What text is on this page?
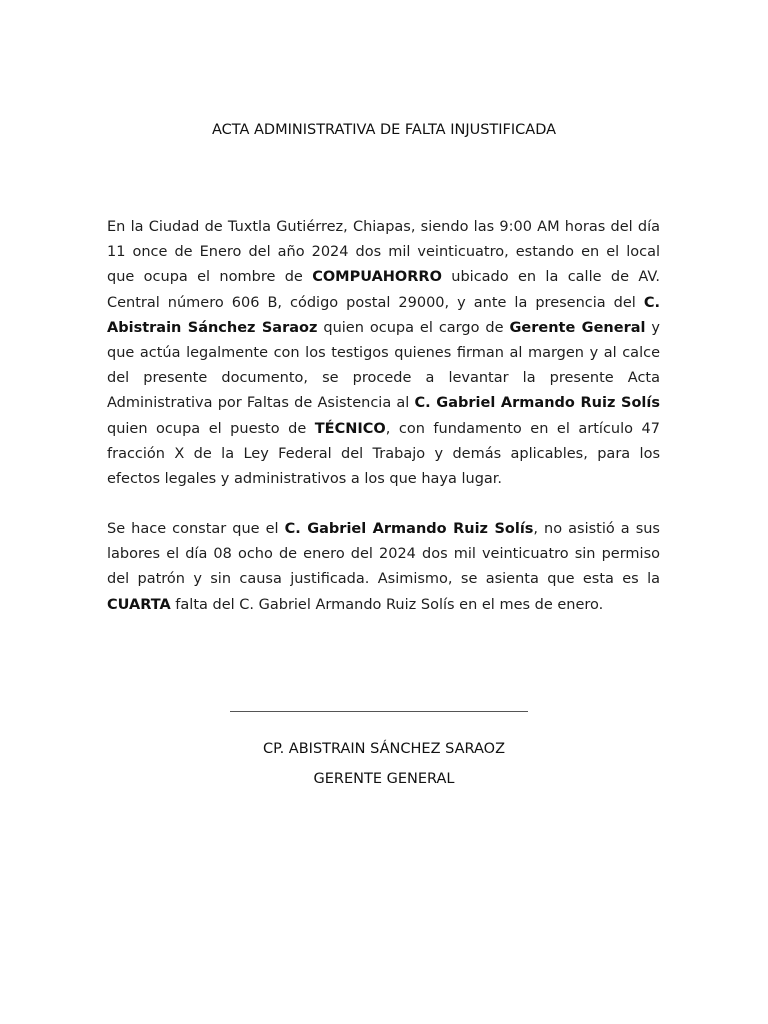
ACTA ADMINISTRATIVA DE FALTA INJUSTIFICADA

En la Ciudad de Tuxtla Gutiérrez, Chiapas, siendo las 9:00 AM horas del día 11 once de Enero del año 2024 dos mil veinticuatro, estando en el local que ocupa el nombre de COMPUAHORRO ubicado en la calle de AV. Central número 606 B, código postal 29000, y ante la presencia del C. Abistrain Sánchez Saraoz quien ocupa el cargo de Gerente General y que actúa legalmente con los testigos quienes firman al margen y al calce del presente documento, se procede a levantar la presente Acta Administrativa por Faltas de Asistencia al C. Gabriel Armando Ruiz Solís quien ocupa el puesto de TÉCNICO, con fundamento en el artículo 47 fracción X de la Ley Federal del Trabajo y demás aplicables, para los efectos legales y administrativos a los que haya lugar.

Se hace constar que el C. Gabriel Armando Ruiz Solís, no asistió a sus labores el día 08 ocho de enero del 2024 dos mil veinticuatro sin permiso del patrón y sin causa justificada. Asimismo, se asienta que esta es la CUARTA falta del C. Gabriel Armando Ruiz Solís en el mes de enero.

CP. ABISTRAIN SÁNCHEZ SARAOZ
GERENTE GENERAL
